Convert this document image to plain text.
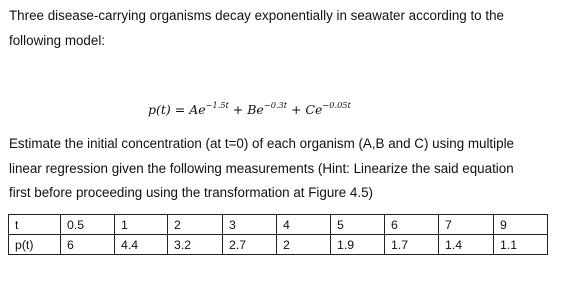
Three disease-carrying organisms decay exponentially in seawater according to the
following model:

$p(t) = Ae^{-1.5t} + Be^{-0.3t} + Ce^{-0.05t}$

Estimate the initial concentration (at t=0) of each organism (A,B and C) using multiple
linear regression given the following measurements (Hint: Linearize the said equation
first before proceeding using the transformation at Figure 4.5)

t	0.5	1	2	3	4	5	6	7	9
p(t)	6	4.4	3.2	2.7	2	1.9	1.7	1.4	1.1
